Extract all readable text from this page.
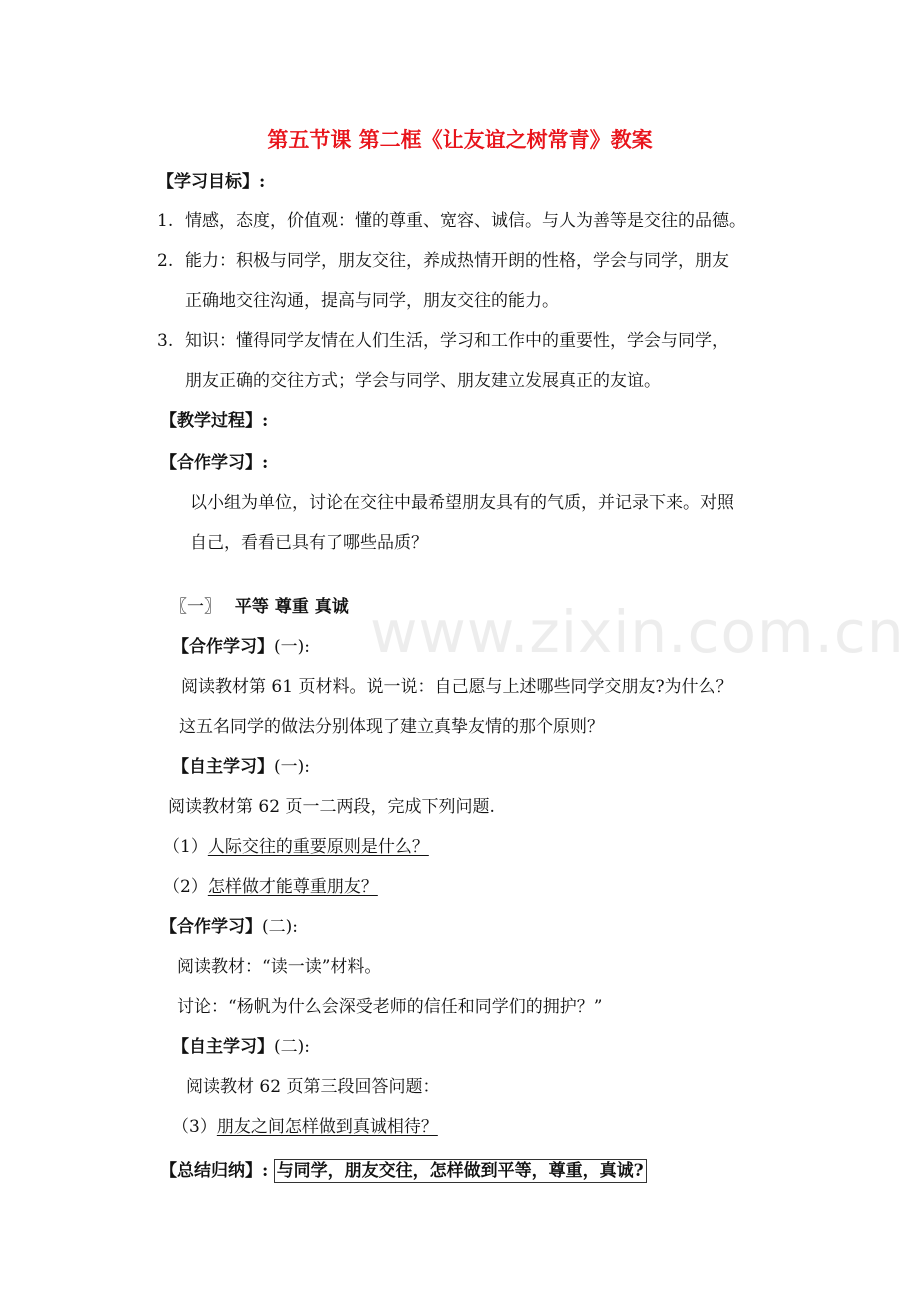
www.zixin.com.cn
第五节课 第二框《让友谊之树常青》教案
【学习目标】:
1. 情感，态度，价值观：懂的尊重、宽容、诚信。与人为善等是交往的品德。
2. 能力：积极与同学，朋友交往，养成热情开朗的性格，学会与同学，朋友
正确地交往沟通，提高与同学，朋友交往的能力。
3. 知识：懂得同学友情在人们生活，学习和工作中的重要性，学会与同学，
朋友正确的交往方式；学会与同学、朋友建立发展真正的友谊。
【教学过程】:
【合作学习】:
以小组为单位，讨论在交往中最希望朋友具有的气质，并记录下来。对照
自己，看看已具有了哪些品质？
〖一〗 平等 尊重 真诚
【合作学习】(一):
阅读教材第 61 页材料。说一说：自己愿与上述哪些同学交朋友?为什么？
这五名同学的做法分别体现了建立真挚友情的那个原则？
【自主学习】(一):
阅读教材第 62 页一二两段，完成下列问题.
（1）人际交往的重要原则是什么？
（2）怎样做才能尊重朋友？
【合作学习】(二):
阅读教材：“读一读”材料。
讨论：“杨帆为什么会深受老师的信任和同学们的拥护？”
【自主学习】(二):
阅读教材 62 页第三段回答问题：
（3）朋友之间怎样做到真诚相待？
【总结归纳】: 与同学，朋友交往，怎样做到平等，尊重，真诚?
